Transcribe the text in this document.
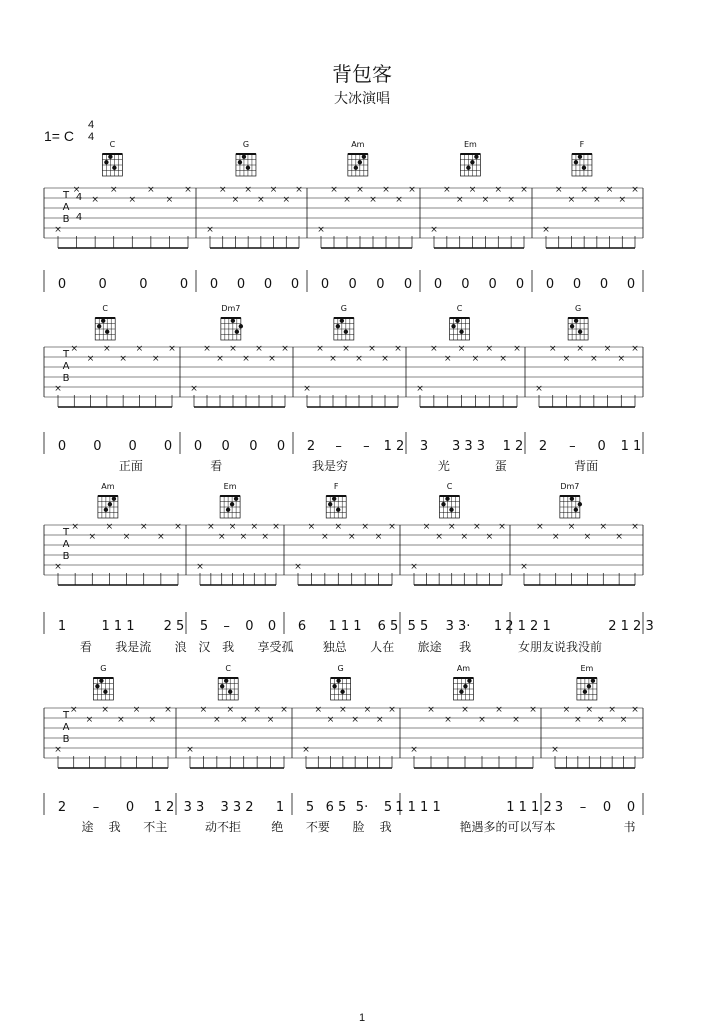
背包客
大冰演唱
1= C
4
4
T
A
B
4
4
C
×
×
×
×
×
×
×
×
0 0 0 0
G
×
×
×
×
×
×
×
×
0 0 0 0
Am
×
×
×
×
×
×
×
×
0 0 0 0
Em
×
×
×
×
×
×
×
×
0 0 0 0
F
×
×
×
×
×
×
×
×
0 0 0 0
T
A
B
C
×
×
×
×
×
×
×
×
0 0 0 0
Dm7
×
×
×
×
×
×
×
×
0 0 0 0
G
×
×
×
×
×
×
×
×
2 – – 1 2
C
×
×
×
×
×
×
×
×
3 3 3 3 1 2
G
×
×
×
×
×
×
×
×
2 – 0 1 1
正面	看	我是穷	光	蛋	背面
T
A
B
Am
×
×
×
×
×
×
×
×
1	1 1 1 2 5
Em
×
×
×
×
×
×
×
×
5 – 0 0
F
×
×
×
×
×
×
×
×
6 1 1 1 6 5
C
×
×
×
×
×
×
×
×
5 5 3 3· 1
Dm7
×
×
×
×
×
×
×
×
2 1 2 1	2 1 2 3
看 我是流 浪 汉 我 享受孤 独总 人在 旅途 我	女朋友说我没前
T
A
B
G
×
×
×
×
×
×
×
×
2 – 0 1 2
C
×
×
×
×
×
×
×
×
3 3 3 3 2 1
G
×
×
×
×
×
×
×
×
5 6 5 5· 5
Am
×
×
×
×
×
×
×
×
1 1 1 1	1 1 1 2
Em
×
×
×
×
×
×
×
×
3 – 0 0
途 我 不主	动不拒	绝 不要 脸 我	艳遇多的可以写本	书
1
